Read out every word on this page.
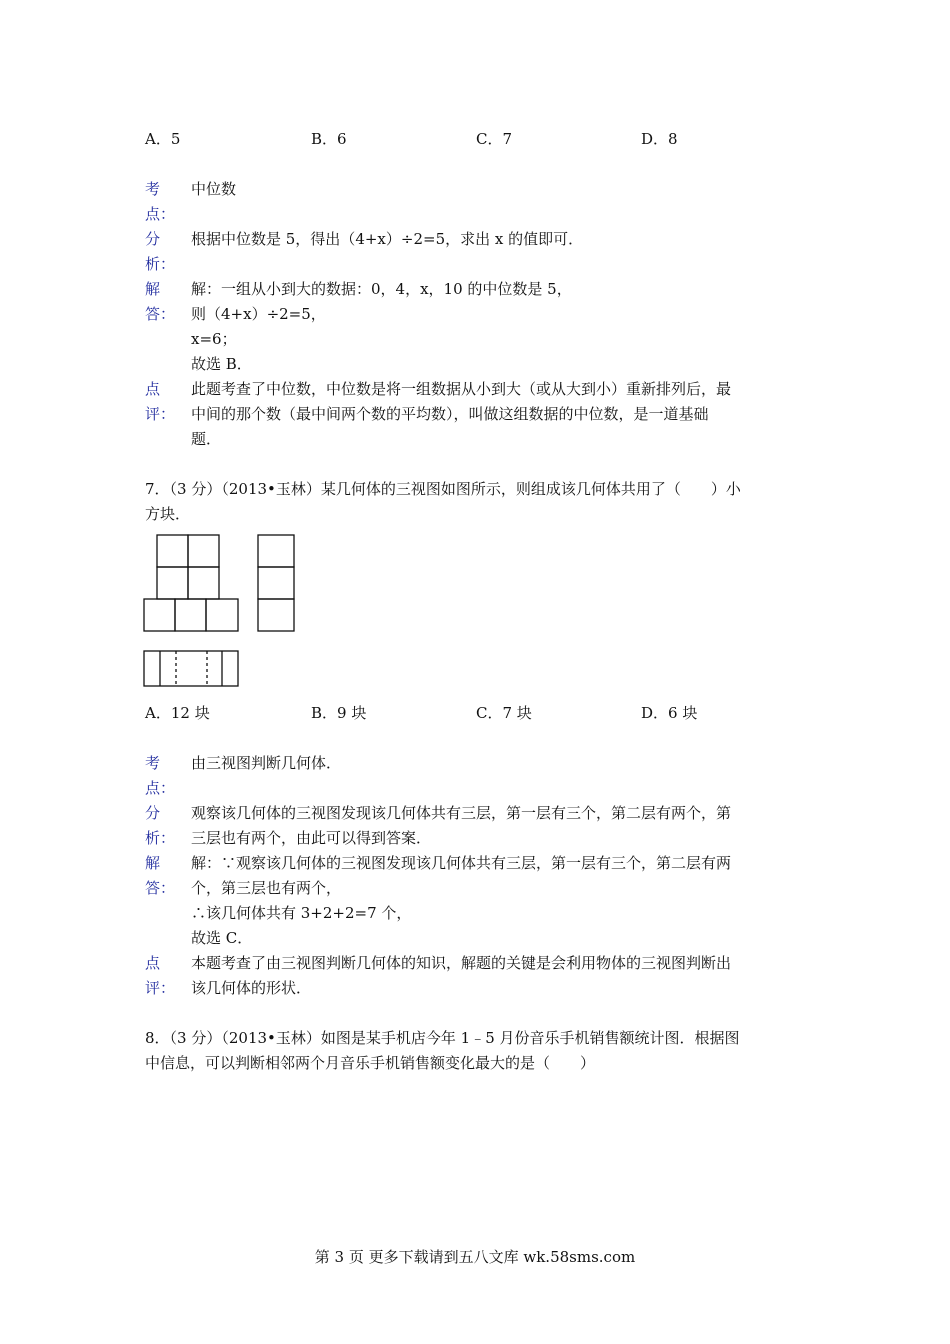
A．5	B．6	C．7	D．8
考
点：
中位数
分
析：
根据中位数是 5，得出（4+x）÷2=5，求出 x 的值即可．
解
答：
解：一组从小到大的数据：0，4，x，10 的中位数是 5，
则（4+x）÷2=5，
x=6；
故选 B．
点
评：
此题考查了中位数，中位数是将一组数据从小到大（或从大到小）重新排列后，最
中间的那个数（最中间两个数的平均数），叫做这组数据的中位数，是一道基础
题．
7．（3 分）（2013•玉林）某几何体的三视图如图所示，则组成该几何体共用了（　　）小
方块．
A．12 块	B．9 块	C．7 块	D．6 块
考
点：
由三视图判断几何体．
分
析：
观察该几何体的三视图发现该几何体共有三层，第一层有三个，第二层有两个，第
三层也有两个，由此可以得到答案．
解
答：
解：∵观察该几何体的三视图发现该几何体共有三层，第一层有三个，第二层有两
个，第三层也有两个，
∴该几何体共有 3+2+2=7 个，
故选 C．
点
评：
本题考查了由三视图判断几何体的知识，解题的关键是会利用物体的三视图判断出
该几何体的形状．
8．（3 分）（2013•玉林）如图是某手机店今年 1﹣5 月份音乐手机销售额统计图．根据图
中信息，可以判断相邻两个月音乐手机销售额变化最大的是（　　）
第 3 页 更多下载请到五八文库 wk.58sms.com
